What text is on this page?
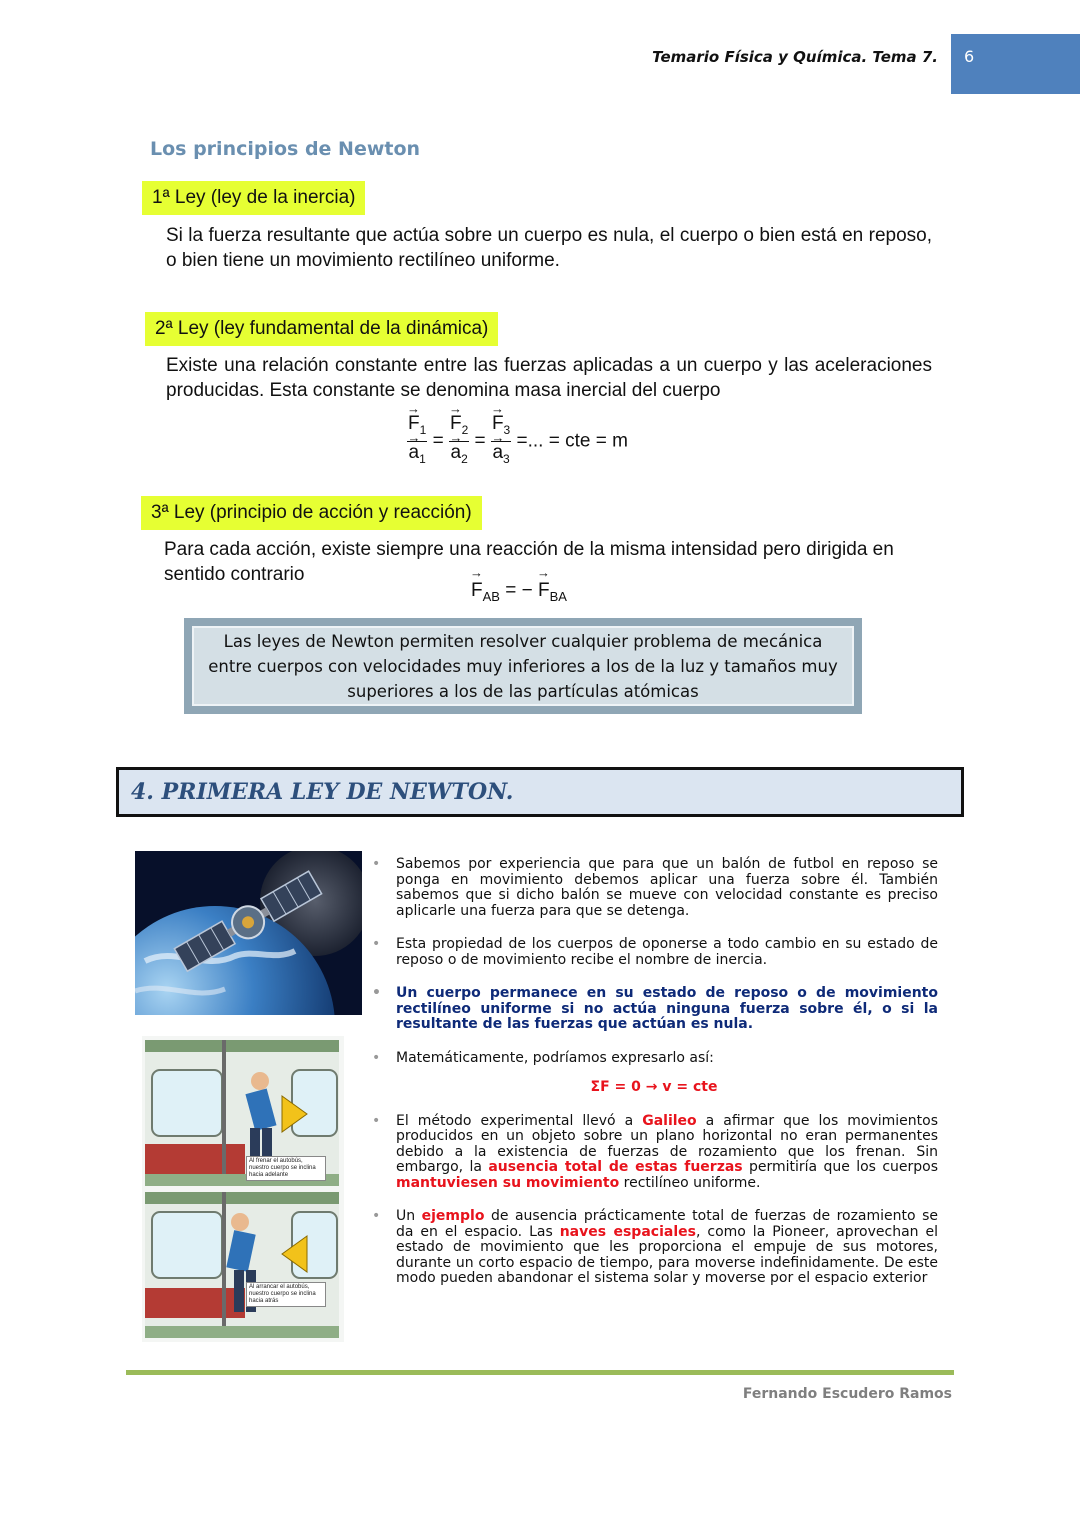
Temario Física y Química. Tema 7. 6
Los principios de Newton
1ª Ley (ley de la inercia)
Si la fuerza resultante que actúa sobre un cuerpo es nula, el cuerpo o bien está en reposo, o bien tiene un movimiento rectilíneo uniforme.
2ª Ley (ley fundamental de la dinámica)
Existe una relación constante entre las fuerzas aplicadas a un cuerpo y las aceleraciones producidas. Esta constante se denomina masa inercial del cuerpo
→ $F_1$
→ $a_1$ = → $F_2$
→ $a_2$ = → $F_3$
→ $a_3$ =... = cte = m
3ª Ley (principio de acción y reacción)
Para cada acción, existe siempre una reacción de la misma intensidad pero dirigida en sentido contrario
→ $F_{AB}$ = − → $F_{BA}$
Las leyes de Newton permiten resolver cualquier problema de mecánica entre cuerpos con velocidades muy inferiores a los de la luz y tamaños muy superiores a los de las partículas atómicas
4. PRIMERA LEY DE NEWTON.
Al frenar el autobús, nuestro cuerpo se inclina hacia adelante
Al arrancar el autobús, nuestro cuerpo se inclina hacia atrás
• Sabemos por experiencia que para que un balón de futbol en reposo se ponga en movimiento debemos aplicar una fuerza sobre él. También sabemos que si dicho balón se mueve con velocidad constante es preciso aplicarle una fuerza para que se detenga.
• Esta propiedad de los cuerpos de oponerse a todo cambio en su estado de reposo o de movimiento recibe el nombre de inercia.
• Un cuerpo permanece en su estado de reposo o de movimiento rectilíneo uniforme si no actúa ninguna fuerza sobre él, o si la resultante de las fuerzas que actúan es nula.
• Matemáticamente, podríamos expresarlo así:
ΣF = 0 → v = cte
• El método experimental llevó a Galileo a afirmar que los movimientos producidos en un objeto sobre un plano horizontal no eran permanentes debido a la existencia de fuerzas de rozamiento que los frenan. Sin embargo, la ausencia total de estas fuerzas permitiría que los cuerpos mantuviesen su movimiento rectilíneo uniforme.
• Un ejemplo de ausencia prácticamente total de fuerzas de rozamiento se da en el espacio. Las naves espaciales, como la Pioneer, aprovechan el estado de movimiento que les proporciona el empuje de sus motores, durante un corto espacio de tiempo, para moverse indefinidamente. De este modo pueden abandonar el sistema solar y moverse por el espacio exterior
Fernando Escudero Ramos
